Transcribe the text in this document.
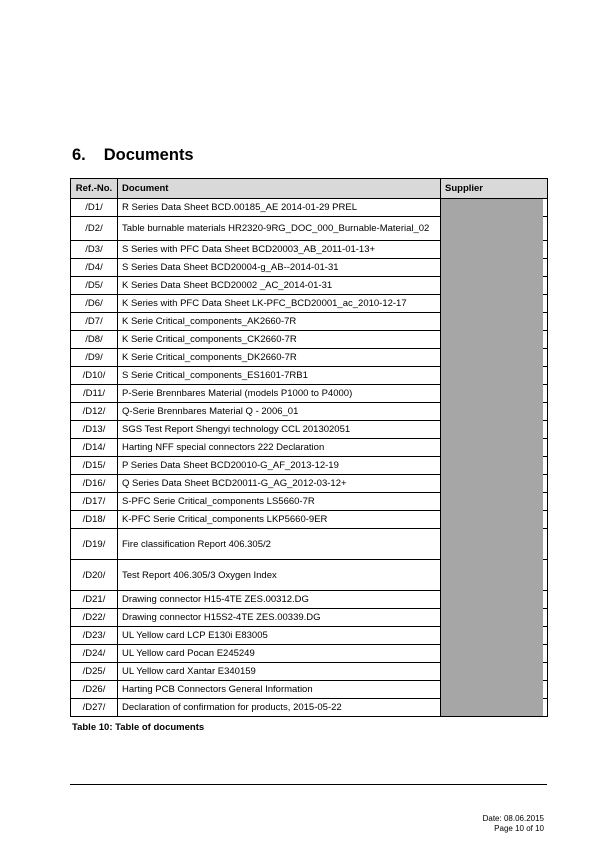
6. Documents
Ref.-No.	Document	Supplier
/D1/	R Series Data Sheet BCD.00185_AE 2014-01-29 PREL	
/D2/	Table burnable materials HR2320-9RG_DOC_000_Burnable-Material_02	
/D3/	S Series with PFC Data Sheet BCD20003_AB_2011-01-13+	
/D4/	S Series Data Sheet BCD20004-g_AB--2014-01-31	
/D5/	K Series Data Sheet BCD20002 _AC_2014-01-31	
/D6/	K Series with PFC Data Sheet LK-PFC_BCD20001_ac_2010-12-17	
/D7/	K Serie Critical_components_AK2660-7R	
/D8/	K Serie Critical_components_CK2660-7R	
/D9/	K Serie Critical_components_DK2660-7R	
/D10/	S Serie Critical_components_ES1601-7RB1	
/D11/	P-Serie Brennbares Material (models P1000 to P4000)	
/D12/	Q-Serie Brennbares Material Q - 2006_01	
/D13/	SGS Test Report Shengyi technology CCL 201302051	
/D14/	Harting NFF special connectors 222 Declaration	
/D15/	P Series Data Sheet BCD20010-G_AF_2013-12-19	
/D16/	Q Series Data Sheet BCD20011-G_AG_2012-03-12+	
/D17/	S-PFC Serie Critical_components LS5660-7R	
/D18/	K-PFC Serie Critical_components LKP5660-9ER	
/D19/	Fire classification Report 406.305/2	
/D20/	Test Report 406.305/3 Oxygen Index	
/D21/	Drawing connector H15-4TE ZES.00312.DG	
/D22/	Drawing connector H15S2-4TE ZES.00339.DG	
/D23/	UL Yellow card LCP E130i E83005	
/D24/	UL Yellow card Pocan E245249	
/D25/	UL Yellow card Xantar E340159	
/D26/	Harting PCB Connectors General Information	
/D27/	Declaration of confirmation for products, 2015-05-22	
Table 10: Table of documents
Date: 08.06.2015
Page 10 of 10
